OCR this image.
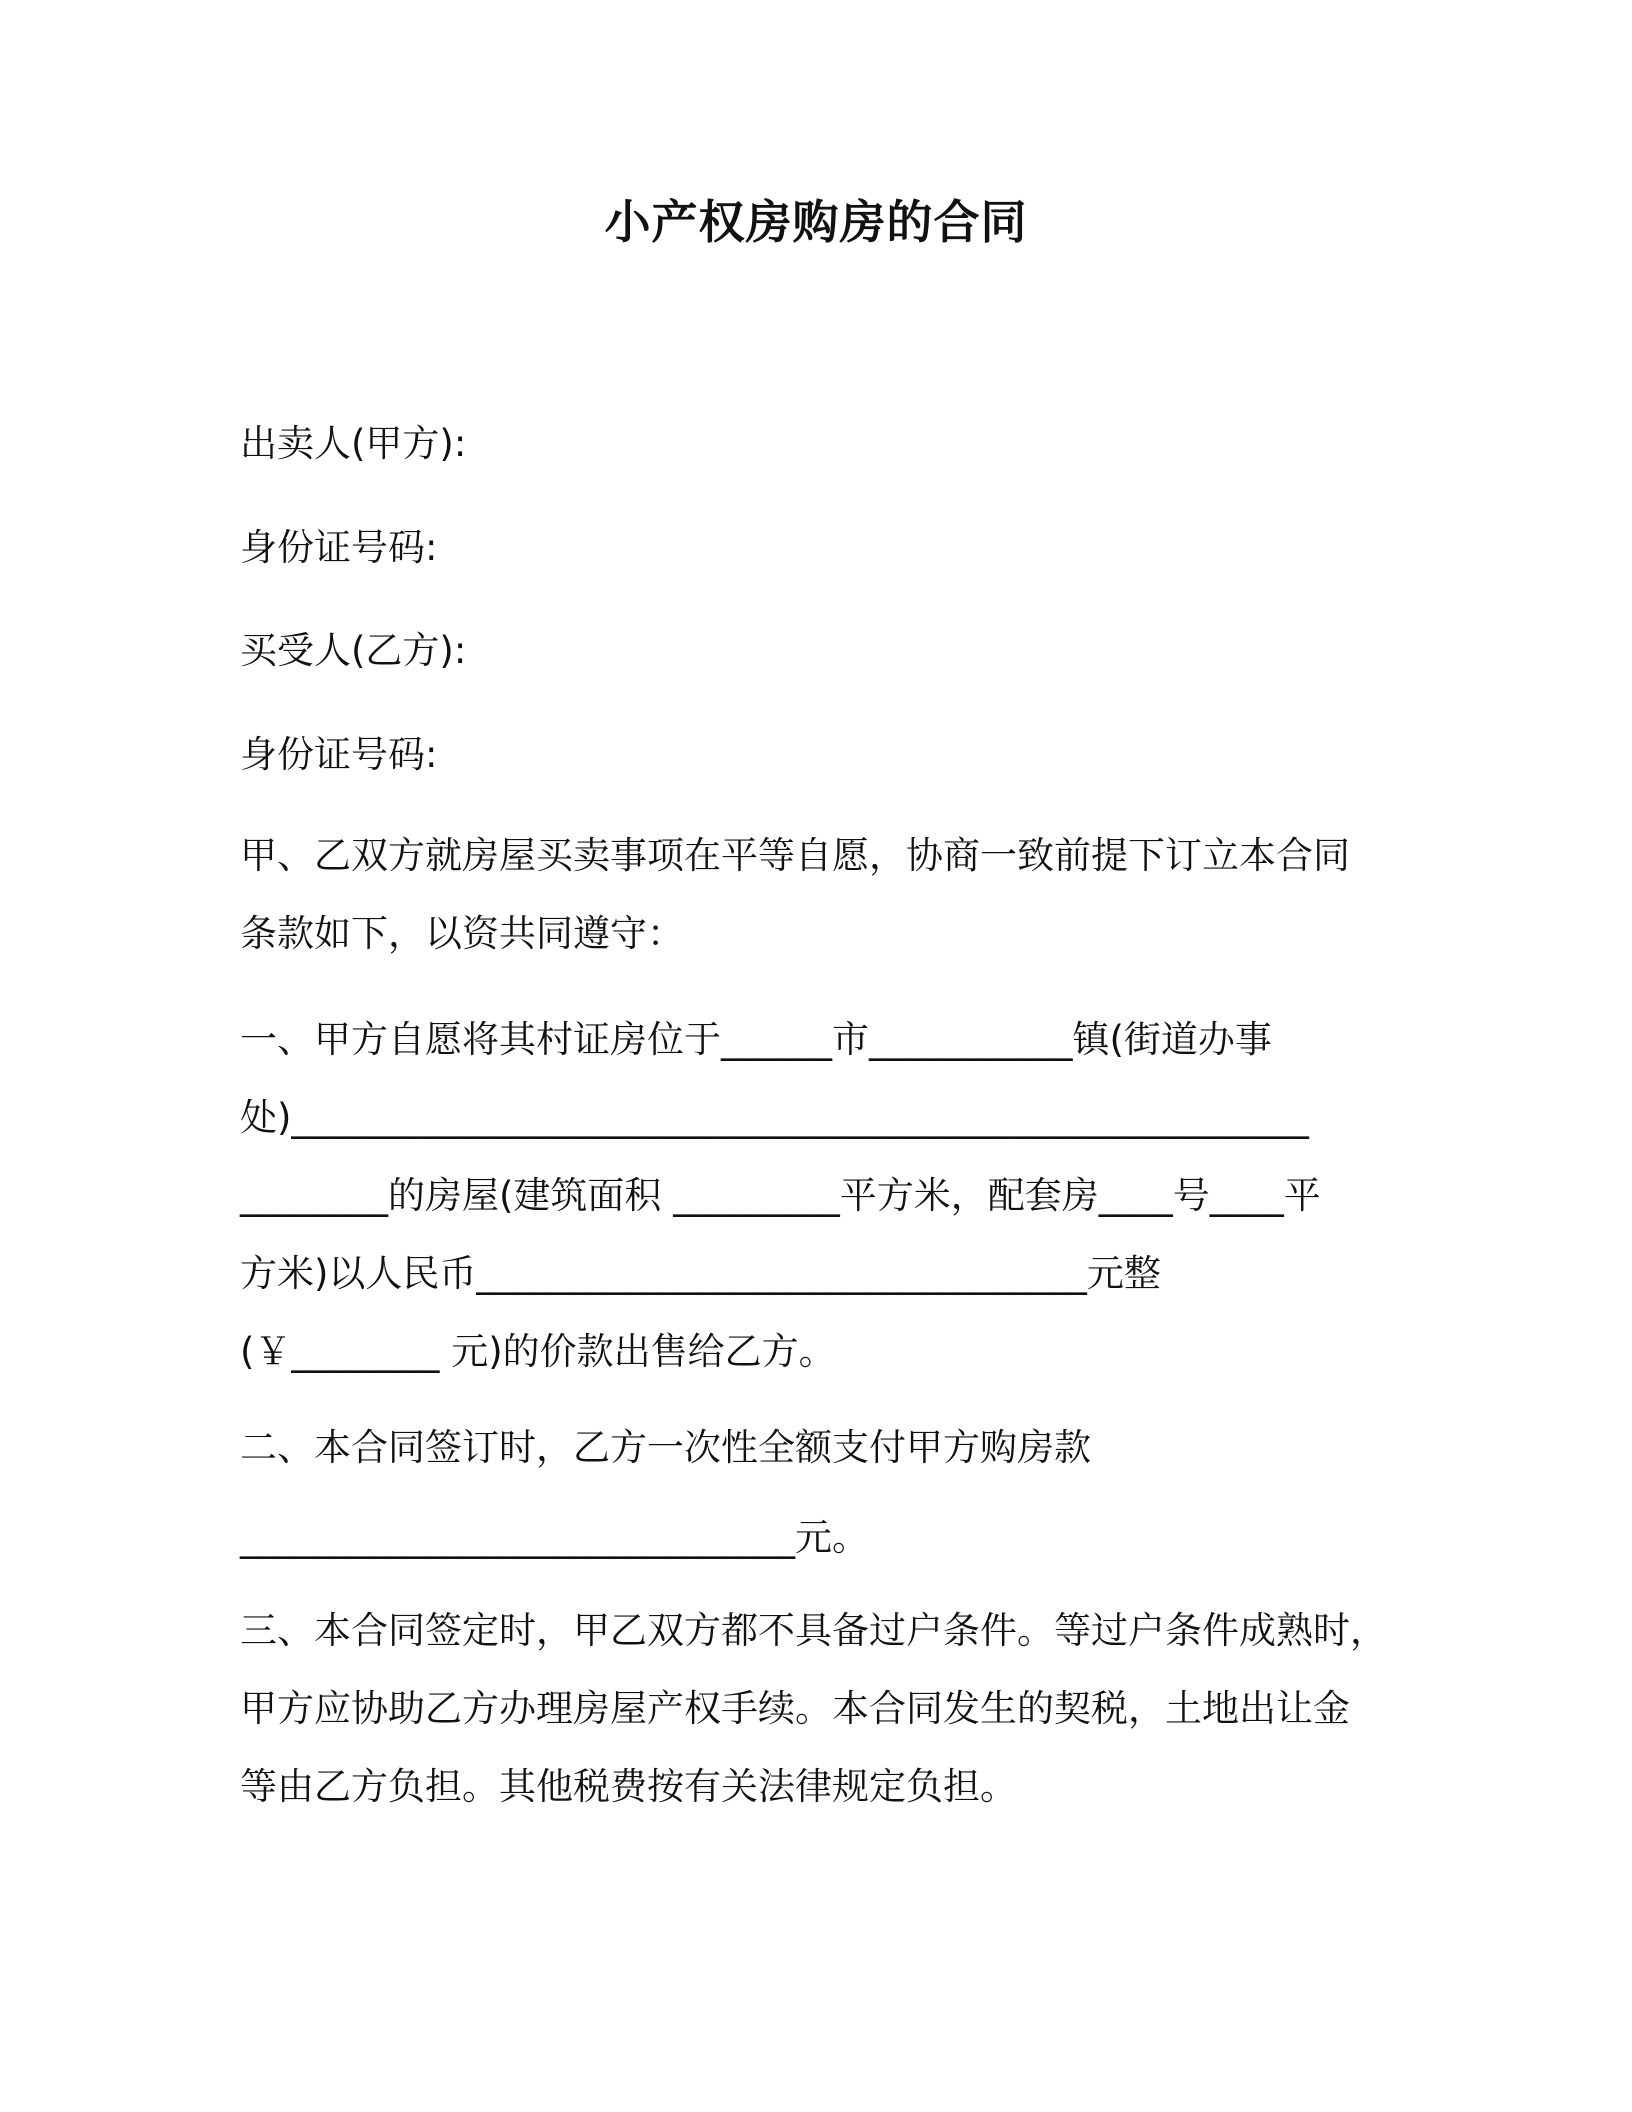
小产权房购房的合同
出卖人(甲方):
身份证号码:
买受人(乙方):
身份证号码:
甲、乙双方就房屋买卖事项在平等自愿，协商一致前提下订立本合同
条款如下，以资共同遵守：
一、甲方自愿将其村证房位于______市___________镇(街道办事
处)_______________________________________________________
________的房屋(建筑面积 _________平方米，配套房____号____平
方米)以人民币_________________________________元整
(￥________ 元)的价款出售给乙方。
二、本合同签订时，乙方一次性全额支付甲方购房款
______________________________元。
三、本合同签定时，甲乙双方都不具备过户条件。等过户条件成熟时，
甲方应协助乙方办理房屋产权手续。本合同发生的契税，土地出让金
等由乙方负担。其他税费按有关法律规定负担。
